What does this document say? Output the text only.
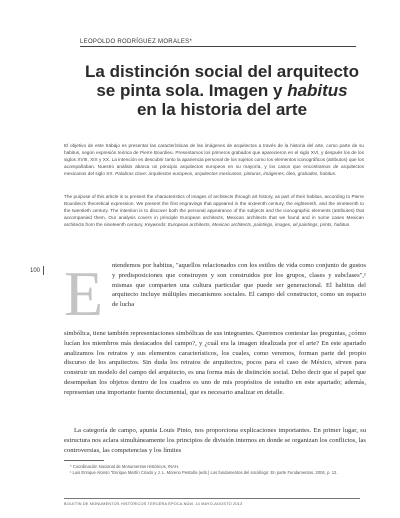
LEOPOLDO RODRÍGUEZ MORALES*
La distinción social del arquitecto
se pinta sola. Imagen y habitus
en la historia del arte
El objetivo de este trabajo es presentar las características de las imágenes de arquitectos a través de la historia del arte, como parte de su habitus, según expresión teórica de Pierre Bourdieu. Presentamos los primeros grabados que aparecieron en el siglo XVI, y después los de los siglos XVIII, XIX y XX. La intención es descubrir tanto la apariencia personal de los sujetos como los elementos iconográficos (atributos) que los acompañaban. Nuestro análisis abarca un principio arquitectos europeos en su mayoría, y los casos que encontramos de arquitectos mexicanos del siglo XX. Palabras clave: arquitectos europeos, arquitectos mexicanos, pinturas, imágenes, óleo, grabados, habitus.
The purpose of this article is to present the characteristics of images of architects through art history, as part of their habitus, according to Pierre Bourdieu's theoretical expression. We present the first engravings that appeared in the sixteenth century, the eighteenth, and the nineteenth to the twentieth century. The intention is to discover both the personal appearance of the subjects and the iconographic elements (attributes) that accompanied them. Our analysis covers in principle European architects, Mexican architects that we found and in some cases Mexican architects from the nineteenth century. Keywords: European architects, Mexican architects, paintings, images, oil paintings, prints, habitus.
100 E ntendemos por habitus, "aquellos relacionados con los estilos de vida como conjunto de gustos y predisposiciones que construyen y son construidos por los grupos, clases y subclases",¹ mismas que comparten una cultura particular que puede ser generacional. El habitus del arquitecto incluye múltiples mecanismos sociales. El campo del constructor, como un espacio de lucha

simbólica, tiene también representaciones simbólicas de sus integrantes. Queremos contestar las preguntas, ¿cómo lucían los miembros más destacados del campo?, y ¿cuál era la imagen idealizada por el arte? En este apartado analizamos los retratos y sus elementos característicos, los cuales, como veremos, forman parte del propio discurso de los arquitectos. Sin duda los retratos de arquitectos, pocos para el caso de México, sirven para construir un modelo del campo del arquitecto, es una forma más de distinción social. Debo decir que el papel que desempeñan los objetos dentro de los cuadros es uno de mis propósitos de estudio en este apartado; además, representan una importante fuente documental, que es necesario analizar en detalle.

La categoría de campo, apunta Louis Pinto, nos proporciona explicaciones importantes. En primer lugar, su estructura nos aclara simultáneamente los principios de división internos en donde se organizan los conflictos, las controversias, las competencias y los límites

* Coordinación Nacional de Monumentos Históricos, INAH.

¹ Luis Enrique Alonso "Enrique Martín Criado y J. L. Moreno Pestaña (eds.) Los fundamentos del sociólogo: En parte Fundamentos. 2004, p. 12.

BOLETÍN DE MONUMENTOS HISTÓRICOS TERCERA ÉPOCA NÚM. 14 MAYO-AGOSTO 2013
